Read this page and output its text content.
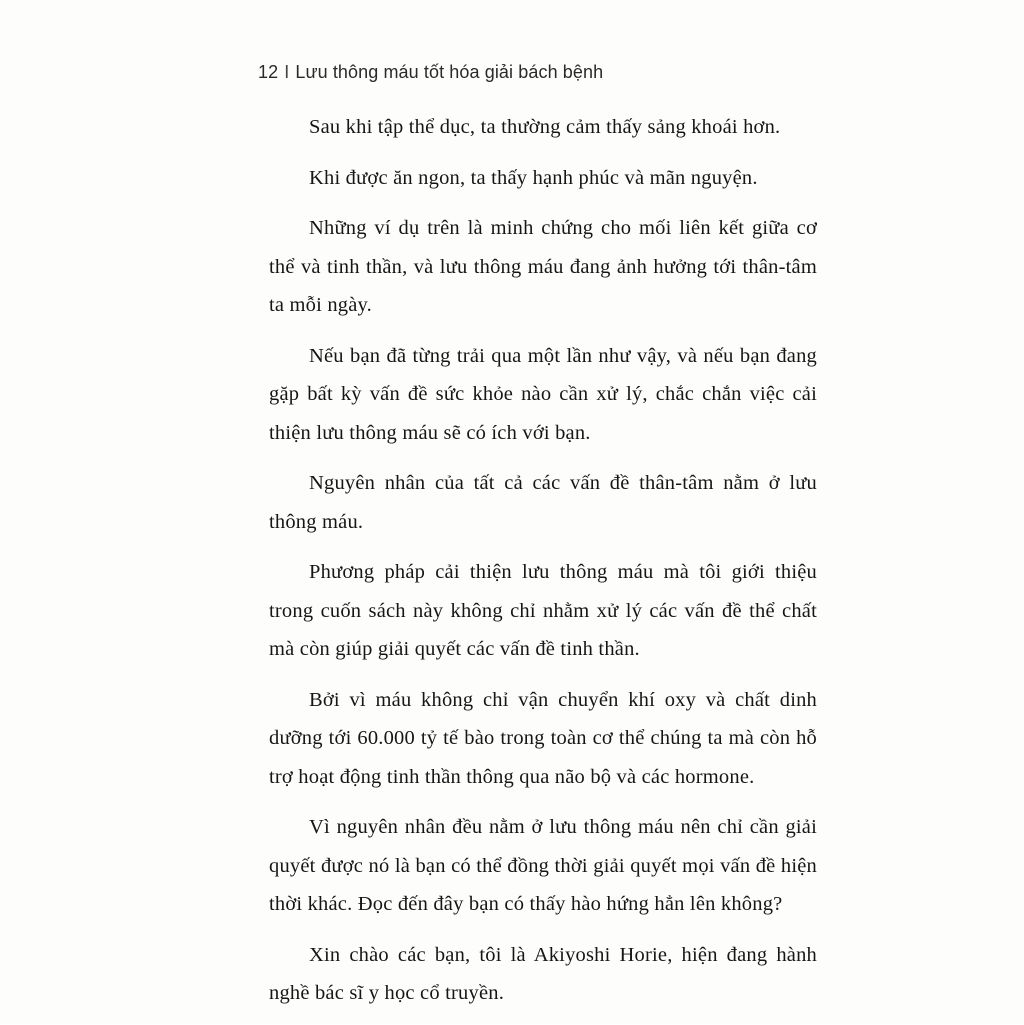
12 I Lưu thông máu tốt hóa giải bách bệnh

Sau khi tập thể dục, ta thường cảm thấy sảng khoái hơn.

Khi được ăn ngon, ta thấy hạnh phúc và mãn nguyện.

Những ví dụ trên là minh chứng cho mối liên kết giữa cơ thể và tinh thần, và lưu thông máu đang ảnh hưởng tới thân-tâm ta mỗi ngày.

Nếu bạn đã từng trải qua một lần như vậy, và nếu bạn đang gặp bất kỳ vấn đề sức khỏe nào cần xử lý, chắc chắn việc cải thiện lưu thông máu sẽ có ích với bạn.

Nguyên nhân của tất cả các vấn đề thân-tâm nằm ở lưu thông máu.

Phương pháp cải thiện lưu thông máu mà tôi giới thiệu trong cuốn sách này không chỉ nhằm xử lý các vấn đề thể chất mà còn giúp giải quyết các vấn đề tinh thần.

Bởi vì máu không chỉ vận chuyển khí oxy và chất dinh dưỡng tới 60.000 tỷ tế bào trong toàn cơ thể chúng ta mà còn hỗ trợ hoạt động tinh thần thông qua não bộ và các hormone.

Vì nguyên nhân đều nằm ở lưu thông máu nên chỉ cần giải quyết được nó là bạn có thể đồng thời giải quyết mọi vấn đề hiện thời khác. Đọc đến đây bạn có thấy hào hứng hẳn lên không?

Xin chào các bạn, tôi là Akiyoshi Horie, hiện đang hành nghề bác sĩ y học cổ truyền.
